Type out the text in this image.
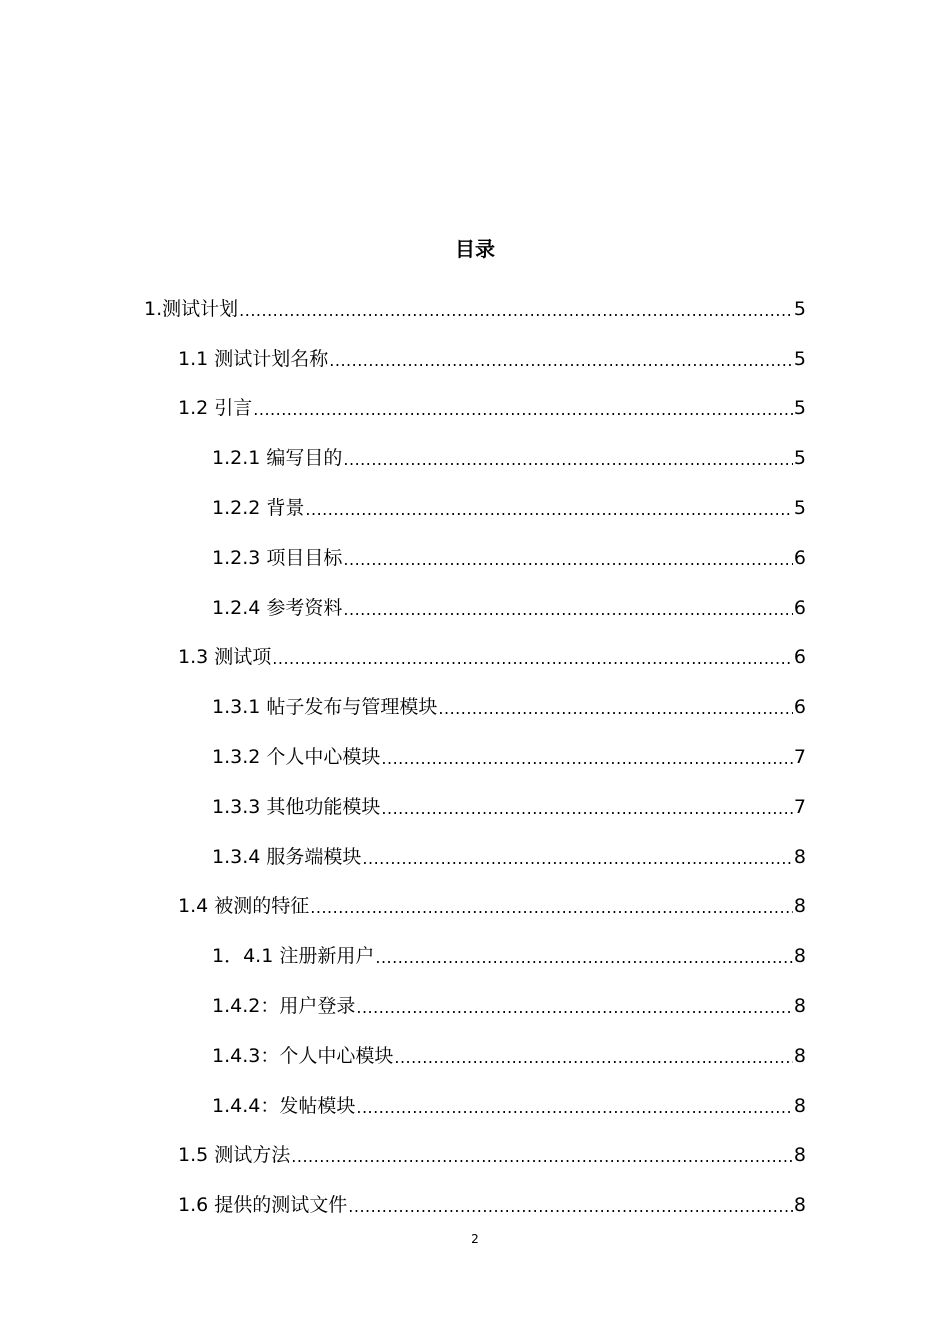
目录
1.测试计划 .....	5
1.1 测试计划名称 .....	5
1.2 引言 .....	5
1.2.1 编写目的 .....	5
1.2.2 背景 .....	5
1.2.3 项目目标 .....	6
1.2.4 参考资料 .....	6
1.3 测试项 .....	6
1.3.1 帖子发布与管理模块 .....	6
1.3.2 个人中心模块 .....	7
1.3.3 其他功能模块 .....	7
1.3.4 服务端模块 .....	8
1.4 被测的特征 .....	8
1．4.1 注册新用户 .....	8
1.4.2：用户登录 .....	8
1.4.3：个人中心模块 .....	8
1.4.4：发帖模块 .....	8
1.5 测试方法 .....	8
1.6 提供的测试文件 .....	8
2
